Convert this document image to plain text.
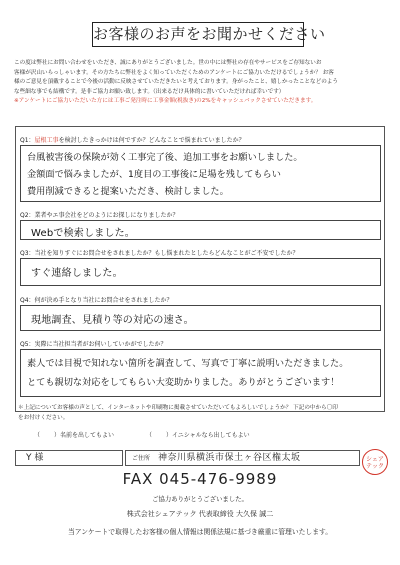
お客様のお声をお聞かせください
この度は弊社にお問い合わせをいただき、誠にありがとうございました。世の中には弊社の存在やサービスをご存知ないお
客様が沢山いらっしゃいます。その方たちに弊社をよく知っていただくためのアンケートにご協力いただけるでしょうか？ お客
様のご意見を頂戴することで今後の活動に反映させていただきたいと考えております。身がったこと、嬉しかったことなどのよう
な些細な事でも結構です。是非ご協力お願い致します。（出来るだけ具体的に書いていただければ幸いです）
※アンケートにご協力いただいた方には工事ご発注時に工事金額(税抜き)の2%をキャッシュバックさせていただきます。
Q1：屋根工事を検討したきっかけは何ですか？どんなことで悩まれていましたか？
台風被害後の保険が効く工事完了後、追加工事をお願いしました。
金額面で悩みましたが、1度目の工事後に足場を残してもらい
費用削減できると提案いただき、検討しました。
Q2：業者やエ事会社をどのようにお探しになりましたか？
Webで検索しました。
Q3：当社を知りすぐにお問合せをされましたか？もし悩まれたとしたらどんなことがご不安でしたか？
すぐ連絡しました。
Q4：何が決め手となり当社にお問合せをされましたか？
現地調査、見積り等の対応の速さ。
Q5：実際に当社担当者がお伺いしていかがでしたか？
素人では目視で知れない箇所を調査して、写真で丁寧に説明いただきました。
とても親切な対応をしてもらい大変助かりました。ありがとうございます！
＊上記についてお客様の声として、インターネットや印刷物に掲載させていただいてもよろしいでしょうか？ 下記の中から〇印
をお付けください。
（ ）名前を出してもよい	（ ）イニシャルなら出してもよい
Y 様	ご住所 神奈川県横浜市保土ヶ谷区権太坂	シェア テック
FAX 045-476-9989
ご協力ありがとうございました。
株式会社シェアテック 代表取締役 大久保 誠二
当アンケートで取得したお客様の個人情報は関係法規に基づき厳重に管理いたします。
